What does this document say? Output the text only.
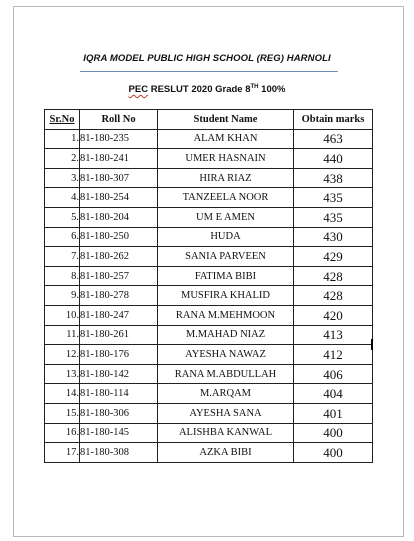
IQRA MODEL PUBLIC HIGH SCHOOL (REG) HARNOLI
PEC RESLUT 2020 Grade 8TH 100%
Sr.No	Roll No	Student Name	Obtain marks
1.	81-180-235	ALAM KHAN	463
2.	81-180-241	UMER HASNAIN	440
3.	81-180-307	HIRA RIAZ	438
4.	81-180-254	TANZEELA NOOR	435
5.	81-180-204	UM E AMEN	435
6.	81-180-250	HUDA	430
7.	81-180-262	SANIA PARVEEN	429
8.	81-180-257	FATIMA BIBI	428
9.	81-180-278	MUSFIRA KHALID	428
10.	81-180-247	RANA M.MEHMOON	420
11.	81-180-261	M.MAHAD NIAZ	413
12.	81-180-176	AYESHA NAWAZ	412
13.	81-180-142	RANA M.ABDULLAH	406
14.	81-180-114	M.ARQAM	404
15.	81-180-306	AYESHA SANA	401
16.	81-180-145	ALISHBA KANWAL	400
17.	81-180-308	AZKA BIBI	400
